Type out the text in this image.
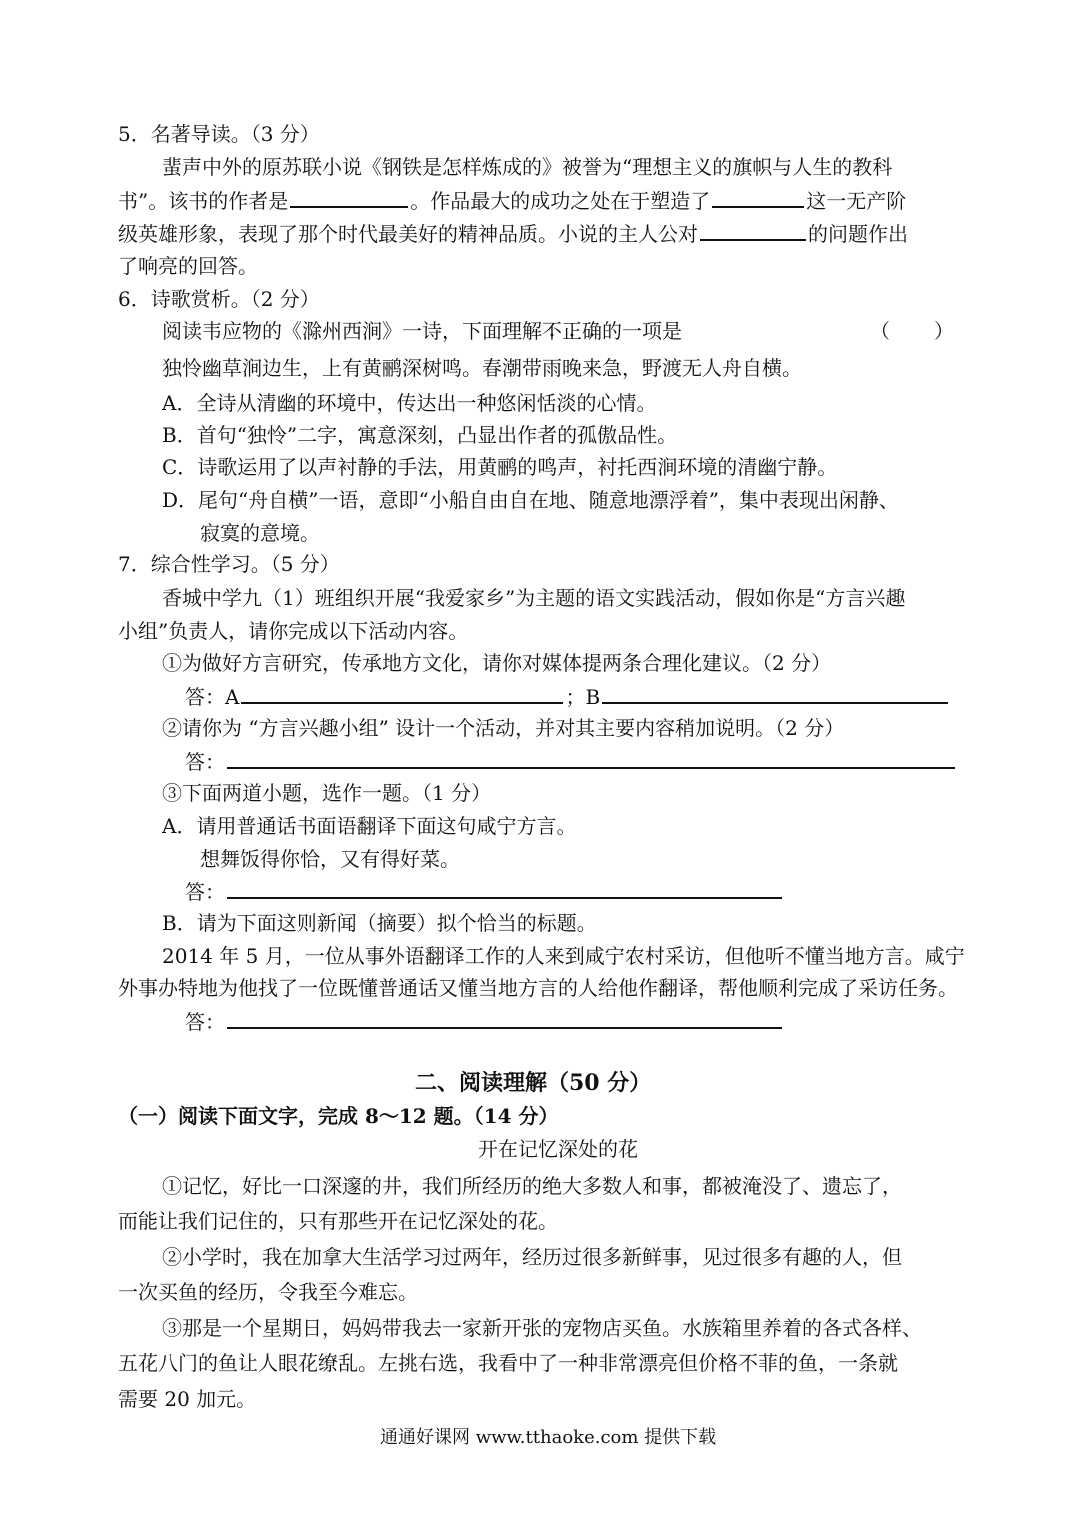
5．名著导读。（3 分）
蜚声中外的原苏联小说《钢铁是怎样炼成的》被誉为“理想主义的旗帜与人生的教科
书”。该书的作者是	。作品最大的成功之处在于塑造了	这一无产阶
级英雄形象，表现了那个时代最美好的精神品质。小说的主人公对	的问题作出
了响亮的回答。
6．诗歌赏析。（2 分）
阅读韦应物的《滁州西涧》一诗，下面理解不 •正 •确 •的一项是	（ ）
独怜幽草涧边生，上有黄鹂深树鸣。春潮带雨晚来急，野渡无人舟自横。
A．全诗从清幽的环境中，传达出一种悠闲恬淡的心情。
B．首句“独怜”二字，寓意深刻，凸显出作者的孤傲品性。
C．诗歌运用了以声衬静的手法，用黄鹂的鸣声，衬托西涧环境的清幽宁静。
D．尾句“舟自横”一语，意即“小船自由自在地、随意地漂浮着”，集中表现出闲静、
寂寞的意境。
7．综合性学习。（5 分）
香城中学九（1）班组织开展“我爱家乡”为主题的语文实践活动，假如你是“方言兴趣
小组”负责人，请你完成以下活动内容。
①为做好方言研究，传承地方文化，请你对媒体提两条合理化建议。（2 分）
答：A	；B
②请你为 “方言兴趣小组” 设计一个活动，并对其主要内容稍加说明。（2 分）
答：
③下面两道小题，选作一题。（1 分）
A．请用普通话书面语翻译下面这句咸宁方言。
想舞饭得你恰，又有得好菜。
答：
B．请为下面这则新闻（摘要）拟个恰当的标题。
2014 年 5 月，一位从事外语翻译工作的人来到咸宁农村采访，但他听不懂当地方言。咸宁
外事办特地为他找了一位既懂普通话又懂当地方言的人给他作翻译，帮他顺利完成了采访任务。
答：
二、阅读理解（50 分）
（一）阅读下面文字，完成 8～12 题。（14 分）
开在记忆深处的花
①记忆，好比一口深邃的井，我们所经历的绝大多数人和事，都被淹没了、遗忘了，
而能让我们记住的，只有那些开在记忆深处的花。
②小学时，我在加拿大生活学习过两年，经历过很多新鲜事，见过很多有趣的人，但
一次买鱼的经历，令我至今难忘。
③那是一个星期日，妈妈带我去一家新开张的宠物店买鱼。水族箱里养着的各式各样、
五花八门的鱼让人眼花缭乱。左挑右选，我看中了一种非常漂亮但价格不菲的鱼，一条就
需要 20 加元。
通通好课网 www.tthaoke.com 提供下载
